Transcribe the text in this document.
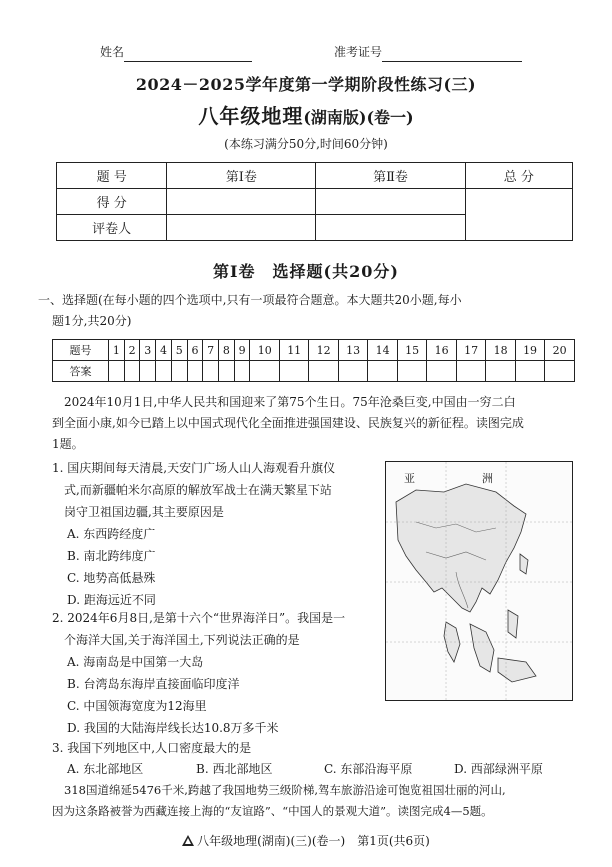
姓名	准考证号
2024－2025学年度第一学期阶段性练习(三)
八年级地理(湖南版)(卷一)
(本练习满分50分,时间60分钟)
题 号	第Ⅰ卷	第Ⅱ卷	总 分
得 分			
评卷人			
第Ⅰ卷　选择题(共20分)
一、选择题(在每小题的四个选项中,只有一项最符合题意。本大题共20小题,每小
题1分,共20分)
题号	1	2	3	4	5	6	7	8	9	10	11	12	13	14	15	16	17	18	19	20
答案																				
2024年10月1日,中华人民共和国迎来了第75个生日。75年沧桑巨变,中国由一穷二白
到全面小康,如今已踏上以中国式现代化全面推进强国建设、民族复兴的新征程。读图完成
1题。
亚	洲
1. 国庆期间每天清晨,天安门广场人山人海观看升旗仪
式,而新疆帕米尔高原的解放军战士在满天繁星下站
岗守卫祖国边疆,其主要原因是
A. 东西跨经度广
B. 南北跨纬度广
C. 地势高低悬殊
D. 距海远近不同
2. 2024年6月8日,是第十六个“世界海洋日”。我国是一
个海洋大国,关于海洋国土,下列说法正确的是
A. 海南岛是中国第一大岛
B. 台湾岛东海岸直接面临印度洋
C. 中国领海宽度为12海里
D. 我国的大陆海岸线长达10.8万多千米
3. 我国下列地区中,人口密度最大的是
A. 东北部地区	B. 西北部地区	C. 东部沿海平原	D. 西部绿洲平原
318国道绵延5476千米,跨越了我国地势三级阶梯,驾车旅游沿途可饱览祖国壮丽的河山,
因为这条路被誉为西藏连接上海的“友谊路”、“中国人的景观大道”。读图完成4—5题。
八年级地理(湖南)(三)(卷一)　第1页(共6页)
